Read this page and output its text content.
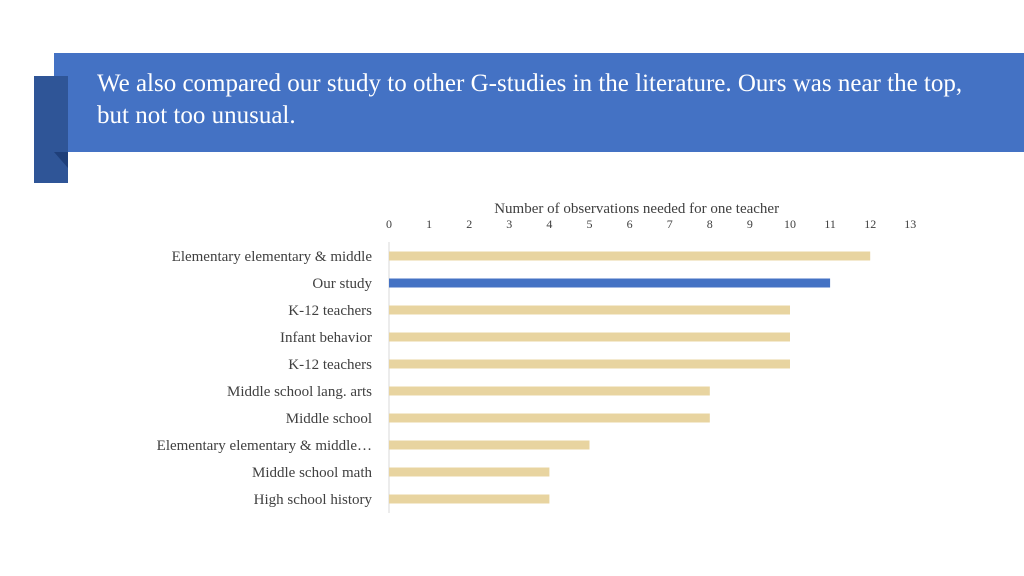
We also compared our study to other G-studies in the literature. Ours was near the top, but not too unusual.
Number of observations needed for one teacher
0	1	2	3	4	5	6	7	8	9	10 11 12 13
Elementary elementary & middle
Our study
K-12 teachers
Infant behavior
K-12 teachers
Middle school lang. arts
Middle school
Elementary elementary & middle…
Middle school math
High school history
